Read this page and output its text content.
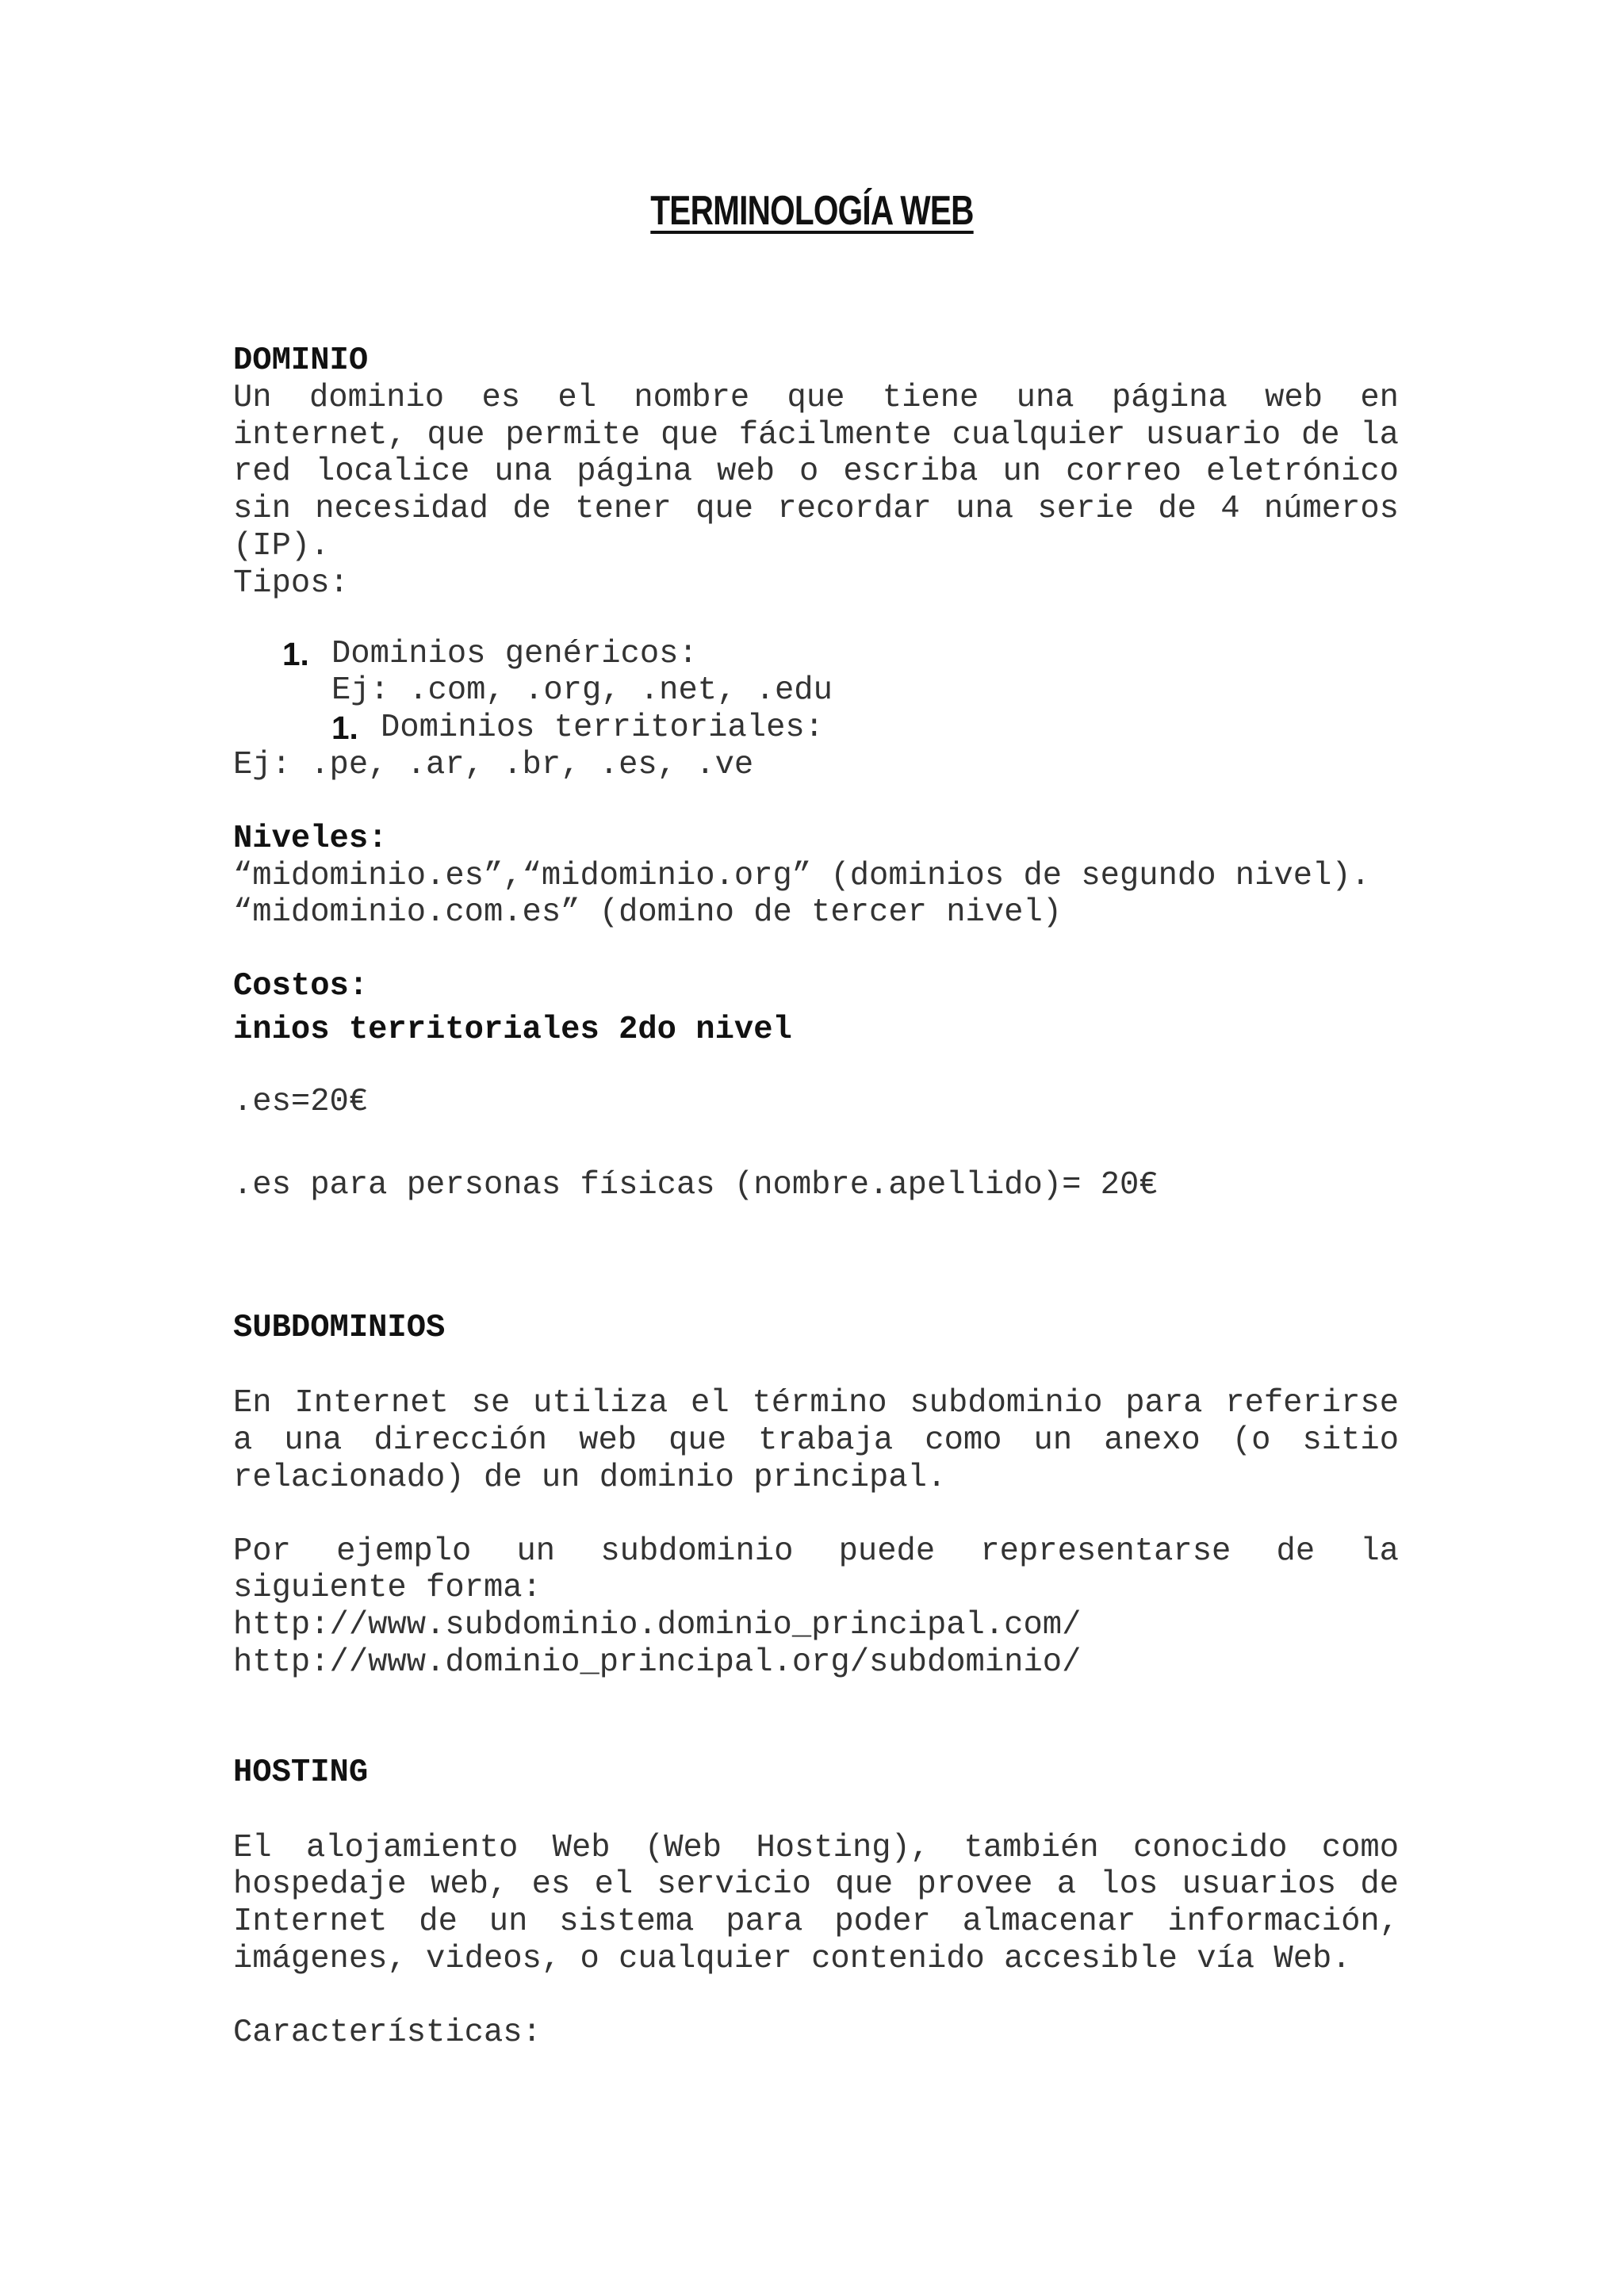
TERMINOLOGÍA WEB

DOMINIO

Un dominio es el nombre que tiene una página web en internet, que permite que fácilmente cualquier usuario de la red localice una página web o escriba un correo eletrónico sin necesidad de tener que recordar una serie de 4 números (IP).

Tipos:

1. Dominios genéricos:

Ej: .com, .org, .net, .edu

1. Dominios territoriales:

Ej: .pe, .ar, .br, .es, .ve

Niveles:

“midominio.es”,“midominio.org” (dominios de segundo nivel).

“midominio.com.es” (domino de tercer nivel)

Costos:

inios territoriales 2do nivel

.es=20€

.es para personas físicas (nombre.apellido)= 20€

SUBDOMINIOS

En Internet se utiliza el término subdominio para referirse a una dirección web que trabaja como un anexo (o sitio relacionado) de un dominio principal.

Por ejemplo un subdominio puede representarse de la siguiente forma:

http://www.subdominio.dominio_principal.com/

http://www.dominio_principal.org/subdominio/

HOSTING

El alojamiento Web (Web Hosting), también conocido como hospedaje web, es el servicio que provee a los usuarios de Internet de un sistema para poder almacenar información, imágenes, videos, o cualquier contenido accesible vía Web.

Características:
